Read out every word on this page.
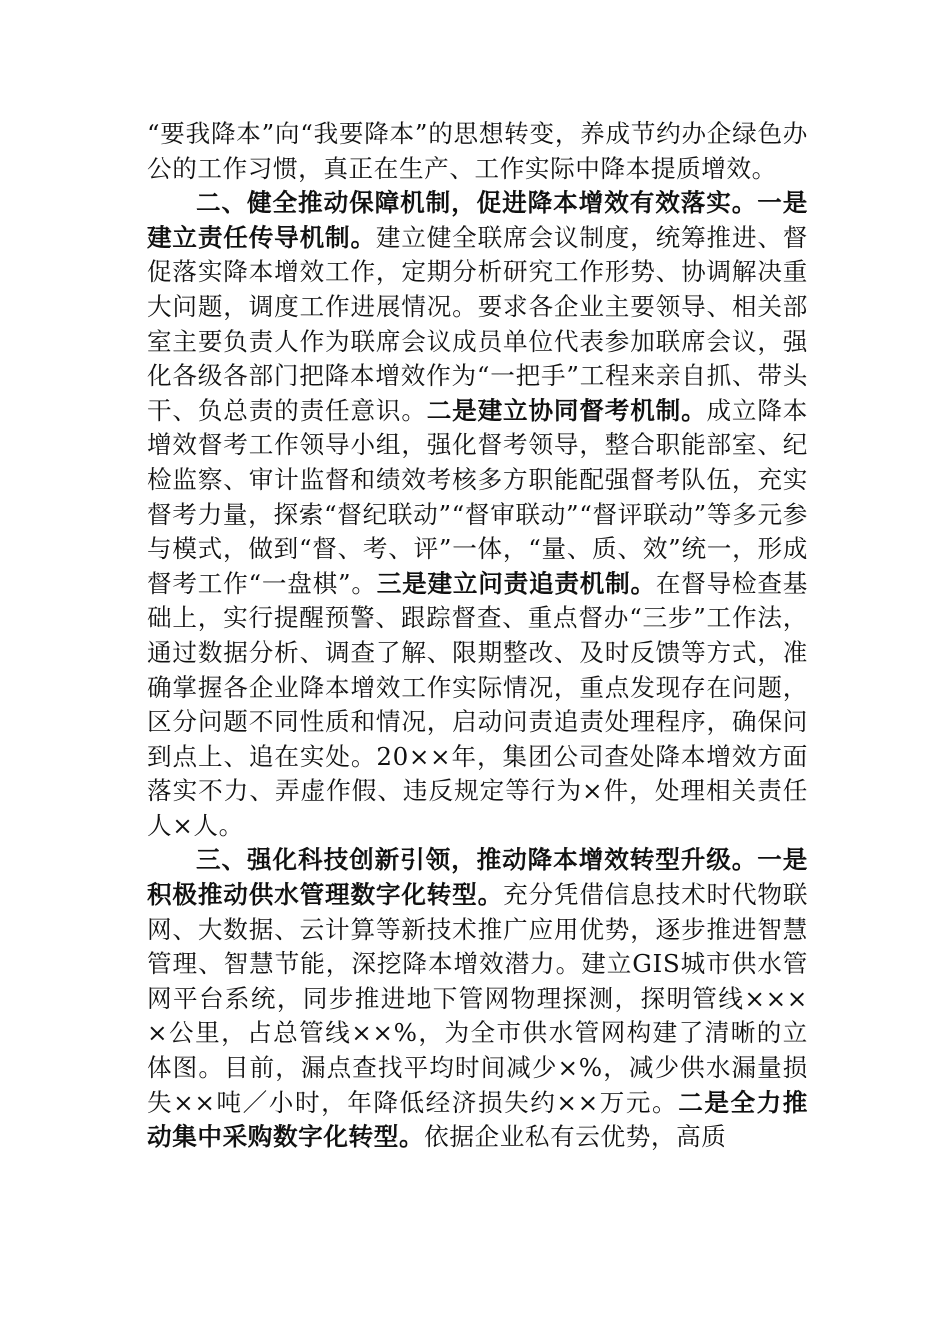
“要我降本”向“我要降本”的思想转变，养成节约办企绿色办公的工作习惯，真正在生产、工作实际中降本提质增效。

二、健全推动保障机制，促进降本增效有效落实。一是建立责任传导机制。建立健全联席会议制度，统筹推进、督促落实降本增效工作，定期分析研究工作形势、协调解决重大问题，调度工作进展情况。要求各企业主要领导、相关部室主要负责人作为联席会议成员单位代表参加联席会议，强化各级各部门把降本增效作为“一把手”工程来亲自抓、带头干、负总责的责任意识。二是建立协同督考机制。成立降本增效督考工作领导小组，强化督考领导，整合职能部室、纪检监察、审计监督和绩效考核多方职能配强督考队伍，充实督考力量，探索“督纪联动”“督审联动”“督评联动”等多元参与模式，做到“督、考、评”一体，“量、质、效”统一，形成督考工作“一盘棋”。三是建立问责追责机制。在督导检查基础上，实行提醒预警、跟踪督查、重点督办“三步”工作法，通过数据分析、调查了解、限期整改、及时反馈等方式，准确掌握各企业降本增效工作实际情况，重点发现存在问题，区分问题不同性质和情况，启动问责追责处理程序，确保问到点上、追在实处。20××年，集团公司查处降本增效方面落实不力、弄虚作假、违反规定等行为×件，处理相关责任人×人。

三、强化科技创新引领，推动降本增效转型升级。一是积极推动供水管理数字化转型。充分凭借信息技术时代物联网、大数据、云计算等新技术推广应用优势，逐步推进智慧管理、智慧节能，深挖降本增效潜力。建立GIS城市供水管网平台系统，同步推进地下管网物理探测，探明管线××××公里，占总管线××%，为全市供水管网构建了清晰的立体图。目前，漏点查找平均时间减少×%，减少供水漏量损失××吨／小时，年降低经济损失约××万元。二是全力推动集中采购数字化转型。依据企业私有云优势，高质
